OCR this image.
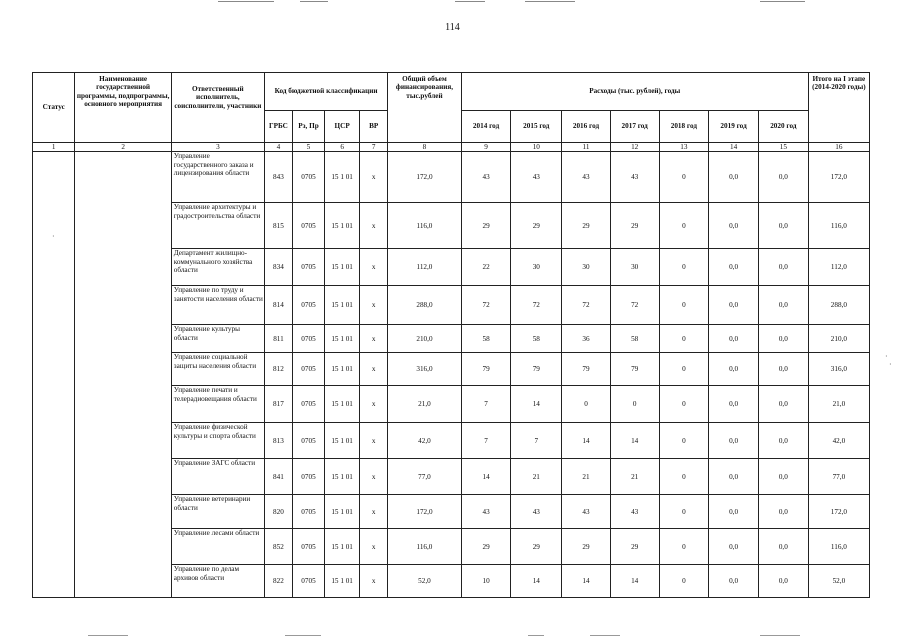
114
Статус	Наименование государственной программы, подпрограммы, основного мероприятия	Ответственный исполнитель, соисполнители, участники	Код бюджетной классификации				Общий объем финансирования, тыс.рублей	Расходы (тыс. рублей), годы							Итого на I этапе (2014-2020 годы)
			ГРБС	Рз, Пр	ЦСР	ВР		2014 год	2015 год	2016 год	2017 год	2018 год	2019 год	2020 год	
1	2	3	4	5	6	7	8	9	10	11	12	13	14	15	16
		Управление государственного заказа и лицензирования области	843	0705	15 1 01	х	172,0	43	43	43	43	0	0,0	0,0	172,0
		Управление архитектуры и градостроительства области	815	0705	15 1 01	х	116,0	29	29	29	29	0	0,0	0,0	116,0
		Департамент жилищно-коммунального хозяйства области	834	0705	15 1 01	х	112,0	22	30	30	30	0	0,0	0,0	112,0
		Управление по труду и занятости населения области	814	0705	15 1 01	х	288,0	72	72	72	72	0	0,0	0,0	288,0
		Управление культуры области	811	0705	15 1 01	х	210,0	58	58	36	58	0	0,0	0,0	210,0
		Управление социальной защиты населения области	812	0705	15 1 01	х	316,0	79	79	79	79	0	0,0	0,0	316,0
		Управление печати и телерадиовещания области	817	0705	15 1 01	х	21,0	7	14	0	0	0	0,0	0,0	21,0
		Управление физической культуры и спорта области	813	0705	15 1 01	х	42,0	7	7	14	14	0	0,0	0,0	42,0
		Управление ЗАГС области	841	0705	15 1 01	х	77,0	14	21	21	21	0	0,0	0,0	77,0
		Управление ветеринарии области	820	0705	15 1 01	х	172,0	43	43	43	43	0	0,0	0,0	172,0
		Управление лесами области	852	0705	15 1 01	х	116,0	29	29	29	29	0	0,0	0,0	116,0
		Управление по делам архивов области	822	0705	15 1 01	х	52,0	10	14	14	14	0	0,0	0,0	52,0
·
·
·
